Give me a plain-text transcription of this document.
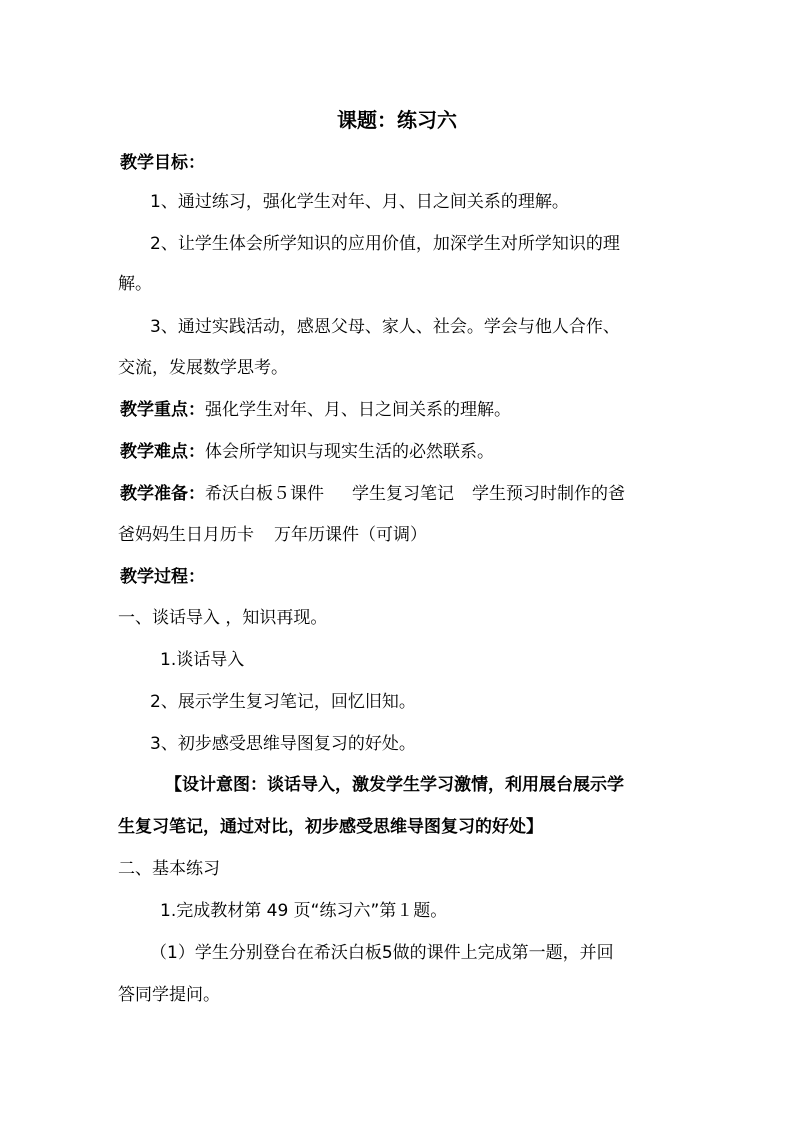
课题：练习六
教学目标：
1、通过练习，强化学生对年、月、日之间关系的理解。
2、让学生体会所学知识的应用价值，加深学生对所学知识的理
解。
3、通过实践活动，感恩父母、家人、社会。学会与他人合作、
交流，发展数学思考。
教学重点：强化学生对年、月、日之间关系的理解。
教学难点：体会所学知识与现实生活的必然联系。
教学准备：希沃白板５课件 学生复习笔记 学生预习时制作的爸
爸妈妈生日月历卡 万年历课件（可调）
教学过程：
一、谈话导入 ，知识再现。
1.谈话导入
2、展示学生复习笔记，回忆旧知。
3、初步感受思维导图复习的好处。
【设计意图：谈话导入，激发学生学习激情，利用展台展示学
生复习笔记，通过对比，初步感受思维导图复习的好处】
二、基本练习
1.完成教材第 49 页“练习六”第１题。
（1）学生分别登台在希沃白板5做的课件上完成第一题，并回
答同学提问。
